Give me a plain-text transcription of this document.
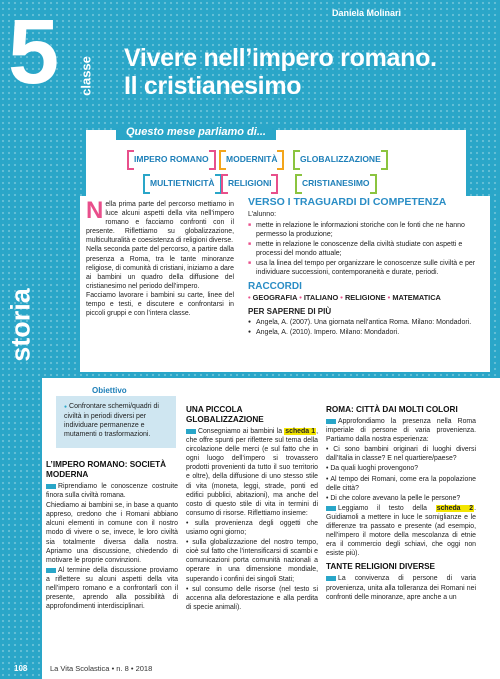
storia
Daniela Molinari
5 classe Vivere nell’impero romano.
Il cristianesimo
Questo mese parliamo di...
IMPERO ROMANO	MODERNITÀ	GLOBALIZZAZIONE
MULTIETNICITÀ	RELIGIONI	CRISTIANESIMO

Nella prima parte del percorso mettiamo in luce alcuni aspetti della vita nell’impero romano e facciamo confronti con il presente. Riflettiamo su globalizzazione, multiculturalità e coesistenza di religioni diverse.

Nella seconda parte del percorso, a partire dalla presenza a Roma, tra le tante minoranze religiose, di comunità di cristiani, iniziamo a dare ai bambini un quadro della diffusione del cristianesimo nel periodo dell’impero.

Facciamo lavorare i bambini su carte, linee del tempo e testi, e discutere e confrontarsi in piccoli gruppi e con l’intera classe.

VERSO I TRAGUARDI DI COMPETENZA
L’alunno:
■ mette in relazione le informazioni storiche con le fonti che ne hanno permesso la produzione;
■ mette in relazione le conoscenze della civiltà studiate con aspetti e processi del mondo attuale;
■ usa la linea del tempo per organizzare le conoscenze sulle civiltà e per individuare successioni, contemporaneità e durate, periodi.
RACCORDI
• GEOGRAFIA • ITALIANO • RELIGIONE • MATEMATICA
PER SAPERNE DI PIÙ
● Angela, A. (2007). Una giornata nell’antica Roma. Milano: Mondadori.
● Angela, A. (2010). Impero. Milano: Mondadori.
Obiettivo
● Confrontare schemi/quadri di civiltà in periodi diversi per individuare permanenze e mutamenti o trasformazioni.
L’IMPERO ROMANO: SOCIETÀ MODERNA

Riprendiamo le conoscenze costruite finora sulla civiltà romana.

Chiediamo ai bambini se, in base a quanto appreso, credono che i Romani abbiano alcuni elementi in comune con il nostro modo di vivere o se, invece, le loro civiltà sia totalmente diversa dalla nostra. Apriamo una discussione, chiedendo di motivare le proprie convinzioni.

Al termine della discussione proviamo a riflettere su alcuni aspetti della vita nell’impero romano e a confrontarli con il presente, aprendo alla possibilità di approfondimenti interdisciplinari.

UNA PICCOLA GLOBALIZZAZIONE

Consegniamo ai bambini la scheda 1, che offre spunti per riflettere sul tema della circolazione delle merci (e sul fatto che in ogni luogo dell’impero si trovassero prodotti provenienti da tutto il suo territorio e oltre), della diffusione di uno stesso stile di vita (moneta, leggi, strade, ponti ed edifici pubblici, abitazioni), ma anche del costo di questo stile di vita in termini di consumo di risorse. Riflettiamo insieme:

• sulla provenienza degli oggetti che usiamo ogni giorno;

• sulla globalizzazione del nostro tempo, cioè sul fatto che l’intensificarsi di scambi e comunicazioni porta comunità nazionali a operare in una dimensione mondiale, superando i confini dei singoli Stati;

• sul consumo delle risorse (nel testo si accenna alla deforestazione e alla perdita di specie animali).

ROMA: CITTÀ DAI MOLTI COLORI

Approfondiamo la presenza nella Roma imperiale di persone di varia provenienza. Partiamo dalla nostra esperienza:

• Ci sono bambini originari di luoghi diversi dall’Italia in classe? E nel quartiere/paese?

• Da quali luoghi provengono?

• Al tempo dei Romani, come era la popolazione delle città?

• Di che colore avevano la pelle le persone?

Leggiamo il testo della scheda 2. Guidiamoli a mettere in luce le somiglianze e le differenze tra passato e presente (ad esempio, nell’impero il motore della mescolanza di etnie era il commercio degli schiavi, che oggi non esiste più).

TANTE RELIGIONI DIVERSE

La convivenza di persone di varia provenienza, unita alla tolleranza dei Romani nei confronti delle minoranze, apre anche a un

108	La Vita Scolastica • n. 8 • 2018
